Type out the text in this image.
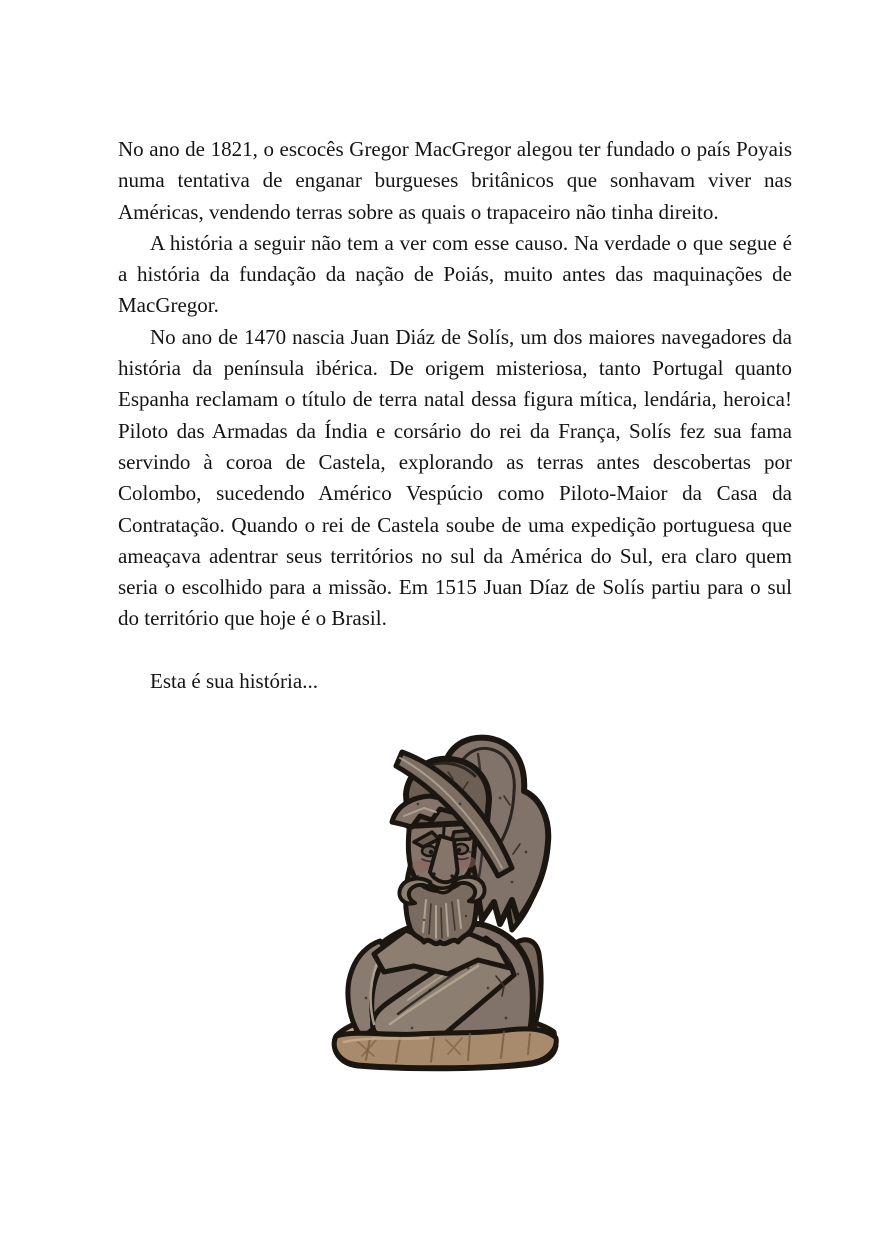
No ano de 1821, o escocês Gregor MacGregor alegou ter fundado o país Poyais numa tentativa de enganar burgueses britânicos que sonhavam viver nas Américas, vendendo terras sobre as quais o trapaceiro não tinha direito.

A história a seguir não tem a ver com esse causo. Na verdade o que segue é a história da fundação da nação de Poiás, muito antes das maquinações de MacGregor.

No ano de 1470 nascia Juan Diáz de Solís, um dos maiores navegadores da história da península ibérica. De origem misteriosa, tanto Portugal quanto Espanha reclamam o título de terra natal dessa figura mítica, lendária, heroica! Piloto das Armadas da Índia e corsário do rei da França, Solís fez sua fama servindo à coroa de Castela, explorando as terras antes descobertas por Colombo, sucedendo Américo Vespúcio como Piloto-Maior da Casa da Contratação. Quando o rei de Castela soube de uma expedição portuguesa que ameaçava adentrar seus territórios no sul da América do Sul, era claro quem seria o escolhido para a missão. Em 1515 Juan Díaz de Solís partiu para o sul do território que hoje é o Brasil.

Esta é sua história...
